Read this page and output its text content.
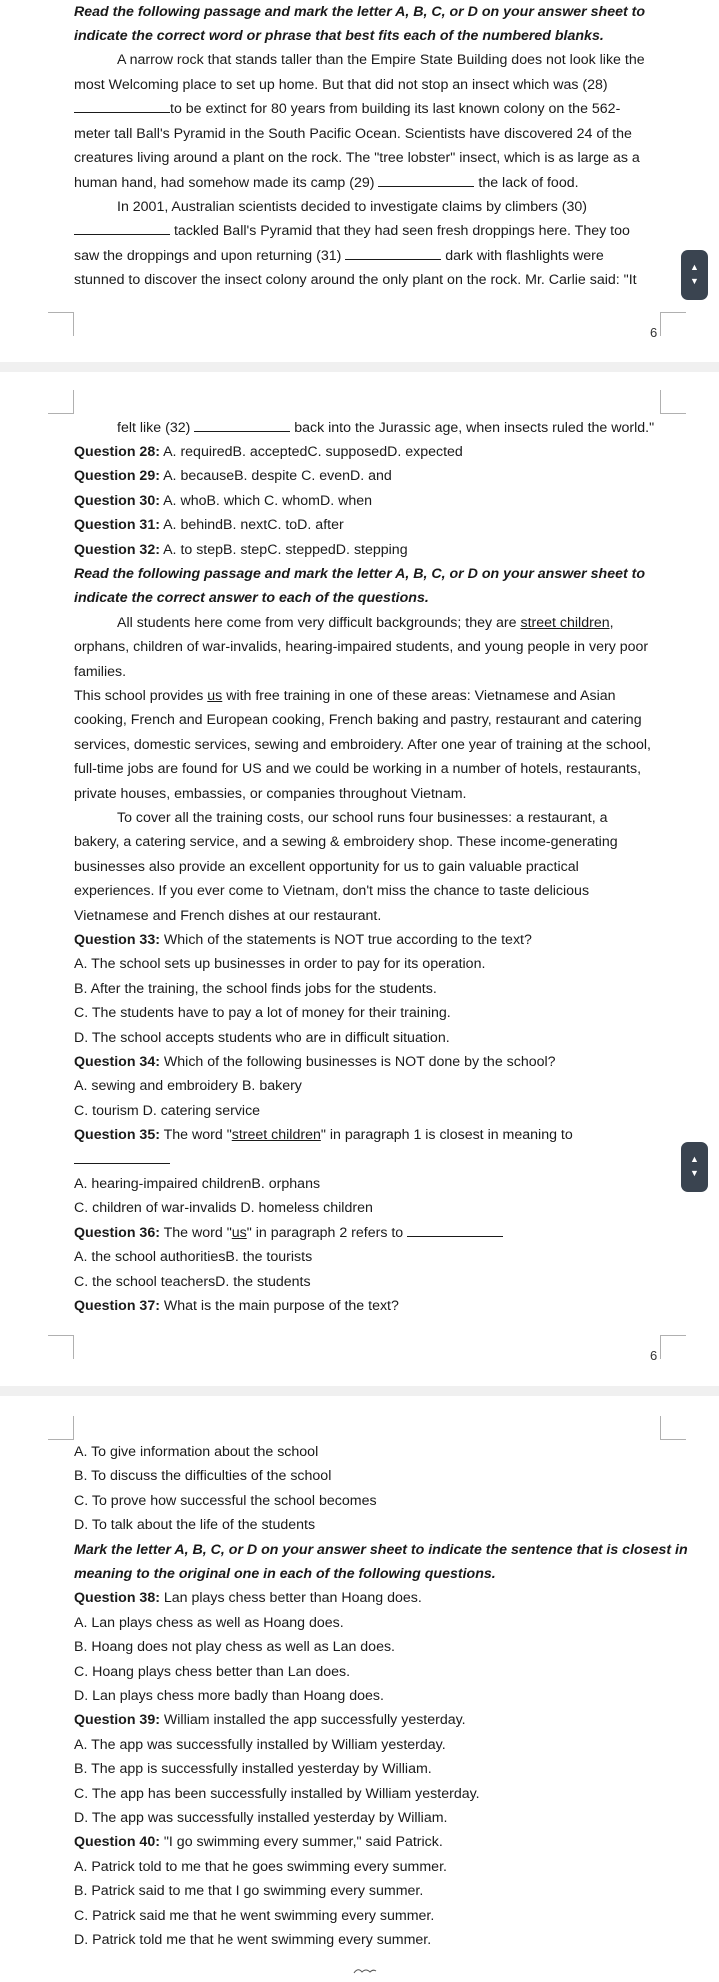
Read the following passage and mark the letter A, B, C, or D on your answer sheet to
indicate the correct word or phrase that best fits each of the numbered blanks.
A narrow rock that stands taller than the Empire State Building does not look like the
most Welcoming place to set up home. But that did not stop an insect which was (28)
to be extinct for 80 years from building its last known colony on the 562-
meter tall Ball's Pyramid in the South Pacific Ocean. Scientists have discovered 24 of the
creatures living around a plant on the rock. The "tree lobster" insect, which is as large as a
human hand, had somehow made its camp (29)	the lack of food.
In 2001, Australian scientists decided to investigate claims by climbers (30)
tackled Ball's Pyramid that they had seen fresh droppings here. They too
saw the droppings and upon returning (31)	dark with flashlights were
stunned to discover the insect colony around the only plant on the rock. Mr. Carlie said: "It
6
felt like (32)	back into the Jurassic age, when insects ruled the world."
Question 28: A. requiredB. acceptedC. supposedD. expected
Question 29: A. becauseB. despite C. evenD. and
Question 30: A. whoB. which C. whomD. when
Question 31: A. behindB. nextC. toD. after
Question 32: A. to stepB. stepC. steppedD. stepping
Read the following passage and mark the letter A, B, C, or D on your answer sheet to
indicate the correct answer to each of the questions.
All students here come from very difficult backgrounds; they are street children,
orphans, children of war-invalids, hearing-impaired students, and young people in very poor
families.
This school provides us with free training in one of these areas: Vietnamese and Asian
cooking, French and European cooking, French baking and pastry, restaurant and catering
services, domestic services, sewing and embroidery. After one year of training at the school,
full-time jobs are found for US and we could be working in a number of hotels, restaurants,
private houses, embassies, or companies throughout Vietnam.
To cover all the training costs, our school runs four businesses: a restaurant, a
bakery, a catering service, and a sewing & embroidery shop. These income-generating
businesses also provide an excellent opportunity for us to gain valuable practical
experiences. If you ever come to Vietnam, don't miss the chance to taste delicious
Vietnamese and French dishes at our restaurant.
Question 33: Which of the statements is NOT true according to the text?
A. The school sets up businesses in order to pay for its operation.
B. After the training, the school finds jobs for the students.
C. The students have to pay a lot of money for their training.
D. The school accepts students who are in difficult situation.
Question 34: Which of the following businesses is NOT done by the school?
A. sewing and embroidery B. bakery
C. tourism D. catering service
Question 35: The word "street children" in paragraph 1 is closest in meaning to
A. hearing-impaired childrenB. orphans
C. children of war-invalids D. homeless children
Question 36: The word "us" in paragraph 2 refers to
A. the school authoritiesB. the tourists
C. the school teachersD. the students
Question 37: What is the main purpose of the text?
6
A. To give information about the school
B. To discuss the difficulties of the school
C. To prove how successful the school becomes
D. To talk about the life of the students
Mark the letter A, B, C, or D on your answer sheet to indicate the sentence that is closest in
meaning to the original one in each of the following questions.
Question 38: Lan plays chess better than Hoang does.
A. Lan plays chess as well as Hoang does.
B. Hoang does not play chess as well as Lan does.
C. Hoang plays chess better than Lan does.
D. Lan plays chess more badly than Hoang does.
Question 39: William installed the app successfully yesterday.
A. The app was successfully installed by William yesterday.
B. The app is successfully installed yesterday by William.
C. The app has been successfully installed by William yesterday.
D. The app was successfully installed yesterday by William.
Question 40: "I go swimming every summer," said Patrick.
A. Patrick told to me that he goes swimming every summer.
B. Patrick said to me that I go swimming every summer.
C. Patrick said me that he went swimming every summer.
D. Patrick told me that he went swimming every summer.
▲
▼
▲
▼
